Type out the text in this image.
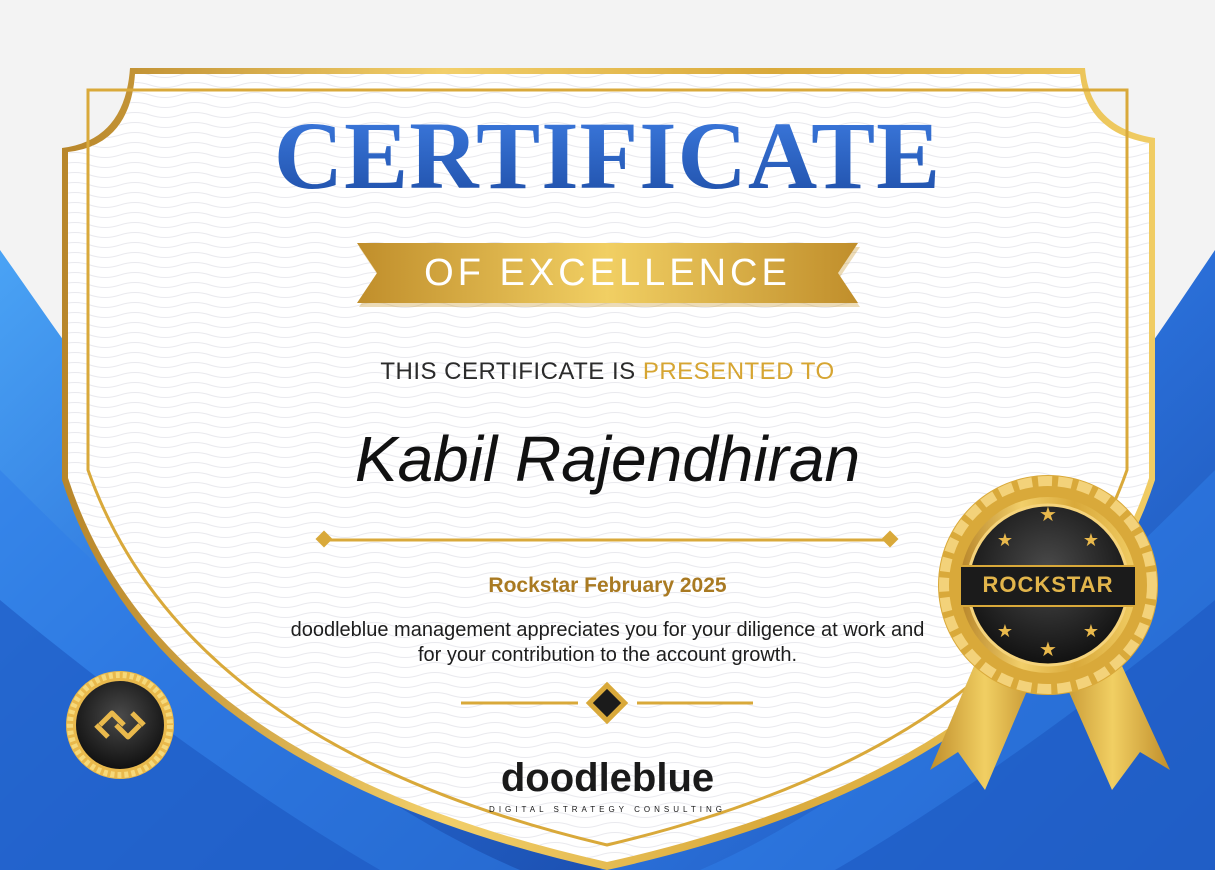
★
★	★
★	★
★
CERTIFICATE

OF EXCELLENCE

THIS CERTIFICATE IS PRESENTED TO

Kabil Rajendhiran

Rockstar February 2025

doodleblue management appreciates you for your diligence at work and for your contribution to the account growth.

ROCKSTAR

doodleblue

DIGITAL STRATEGY CONSULTING
